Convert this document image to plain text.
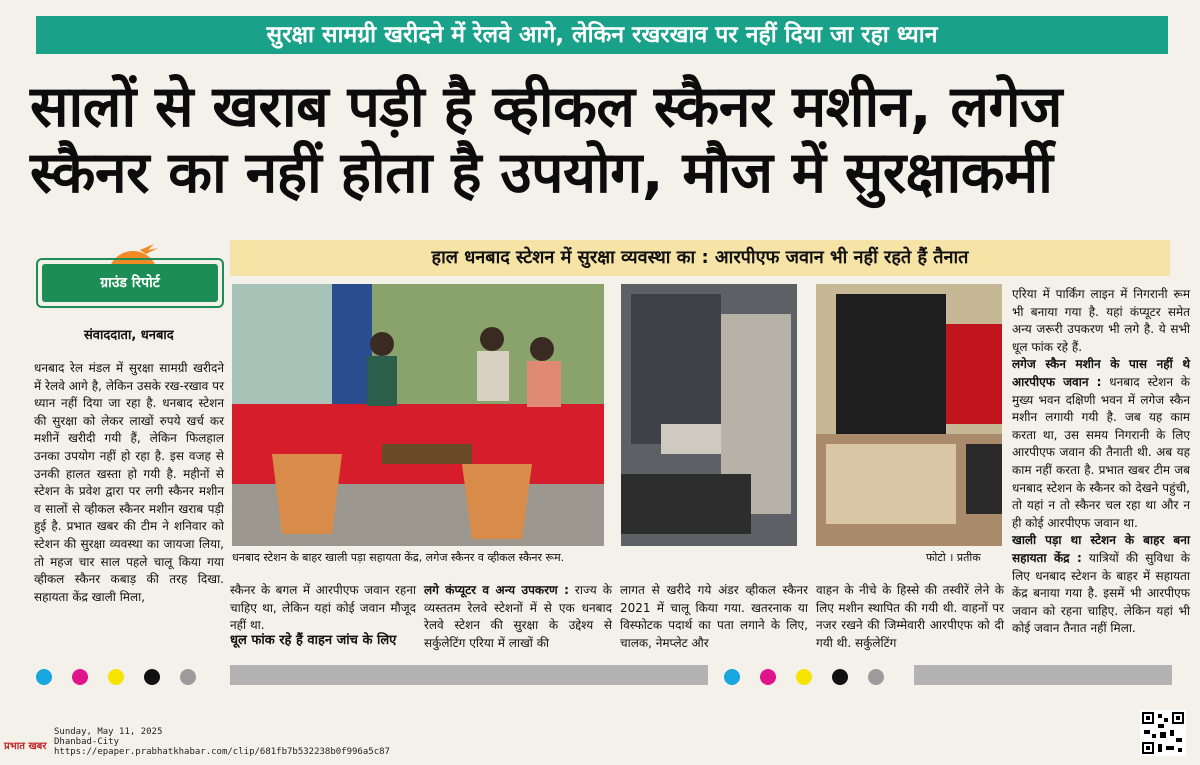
सुरक्षा सामग्री खरीदने में रेलवे आगे, लेकिन रखरखाव पर नहीं दिया जा रहा ध्यान
सालों से खराब पड़ी है व्हीकल स्कैनर मशीन, लगेज
स्कैनर का नहीं होता है उपयोग, मौज में सुरक्षाकर्मी
ग्राउंड रिपोर्ट
संवाददाता, धनबाद
हाल धनबाद स्टेशन में सुरक्षा व्यवस्था का : आरपीएफ जवान भी नहीं रहते हैं तैनात
धनबाद रेल मंडल में सुरक्षा सामग्री खरीदने में रेलवे आगे है, लेकिन उसके रख-रखाव पर ध्यान नहीं दिया जा रहा है. धनबाद स्टेशन की सुरक्षा को लेकर लाखों रुपये खर्च कर मशीनें खरीदी गयी हैं, लेकिन फिलहाल उनका उपयोग नहीं हो रहा है. इस वजह से उनकी हालत खस्ता हो गयी है. महीनों से स्टेशन के प्रवेश द्वारा पर लगी स्कैनर मशीन व सालों से व्हीकल स्कैनर मशीन खराब पड़ी हुई है. प्रभात खबर की टीम ने शनिवार को स्टेशन की सुरक्षा व्यवस्था का जायजा लिया, तो महज चार साल पहले चालू किया गया व्हीकल स्कैनर कबाड़ की तरह दिखा. सहायता केंद्र खाली मिला,
धनबाद स्टेशन के बाहर खाली पड़ा सहायता केंद्र, लगेज स्कैनर व व्हीकल स्कैनर रूम.	फोटो । प्रतीक
स्कैनर के बगल में आरपीएफ जवान रहना चाहिए था, लेकिन यहां कोई जवान मौजूद नहीं था.
धूल फांक रहे हैं वाहन जांच के लिए
लगे कंप्यूटर व अन्य उपकरण : राज्य के व्यस्ततम रेलवे स्टेशनों में से एक धनबाद रेलवे स्टेशन की सुरक्षा के उद्देश्य से सर्कुलेटिंग एरिया में लाखों की
लागत से खरीदे गये अंडर व्हीकल स्कैनर 2021 में चालू किया गया. खतरनाक या विस्फोटक पदार्थ का पता लगाने के लिए, चालक, नेमप्लेट और
वाहन के नीचे के हिस्से की तस्वीरें लेने के लिए मशीन स्थापित की गयी थी. वाहनों पर नजर रखने की जिम्मेवारी आरपीएफ को दी गयी थी. सर्कुलेटिंग
एरिया में पार्किंग लाइन में निगरानी रूम भी बनाया गया है. यहां कंप्यूटर समेत अन्य जरूरी उपकरण भी लगे है. ये सभी धूल फांक रहे हैं.
लगेज स्कैन मशीन के पास नहीं थे आरपीएफ जवान : धनबाद स्टेशन के मुख्य भवन दक्षिणी भवन में लगेज स्कैन मशीन लगायी गयी है. जब यह काम करता था, उस समय निगरानी के लिए आरपीएफ जवान की तैनाती थी. अब यह काम नहीं करता है. प्रभात खबर टीम जब धनबाद स्टेशन के स्कैनर को देखने पहुंची, तो यहां न तो स्कैनर चल रहा था और न ही कोई आरपीएफ जवान था.
खाली पड़ा था स्टेशन के बाहर बना सहायता केंद्र : यात्रियों की सुविधा के लिए धनबाद स्टेशन के बाहर में सहायता केंद्र बनाया गया है. इसमें भी आरपीएफ जवान को रहना चाहिए. लेकिन यहां भी कोई जवान तैनात नहीं मिला.
प्रभात खबर
Sunday, May 11, 2025
Dhanbad-City
https://epaper.prabhatkhabar.com/clip/681fb7b532238b0f996a5c87
